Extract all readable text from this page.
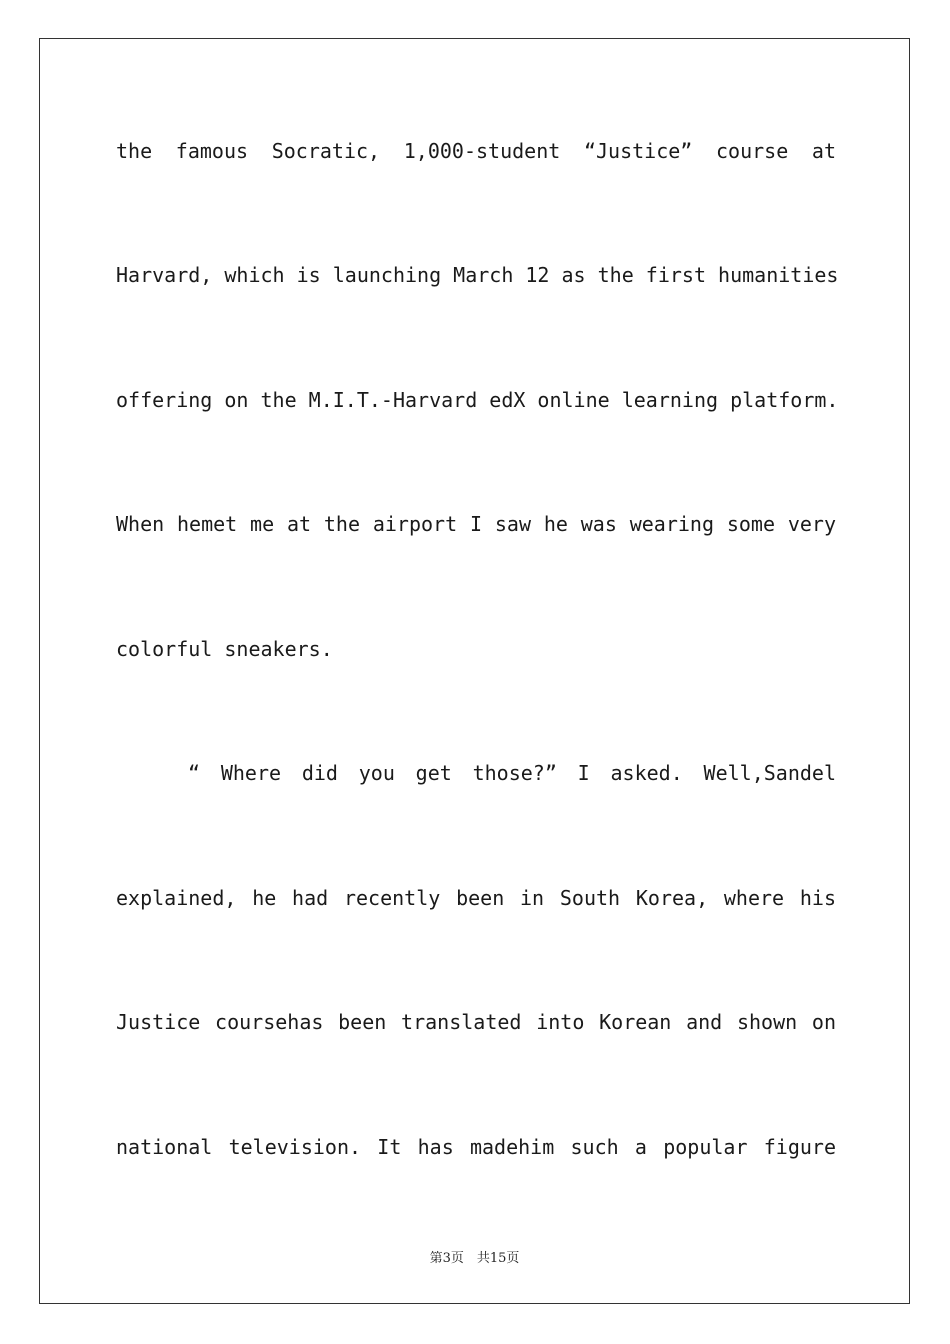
the famous Socratic, 1,000-student “Justice” course at
Harvard, which is launching March 12 as the first humanities
offering on the M.I.T.-Harvard edX online learning platform.
When hemet me at the airport I saw he was wearing some very
colorful sneakers.
“ Where did you get those?” I asked. Well,Sandel
explained, he had recently been in South Korea, where his
Justice coursehas been translated into Korean and shown on
national television. It has madehim such a popular figure
第3页　共15页
